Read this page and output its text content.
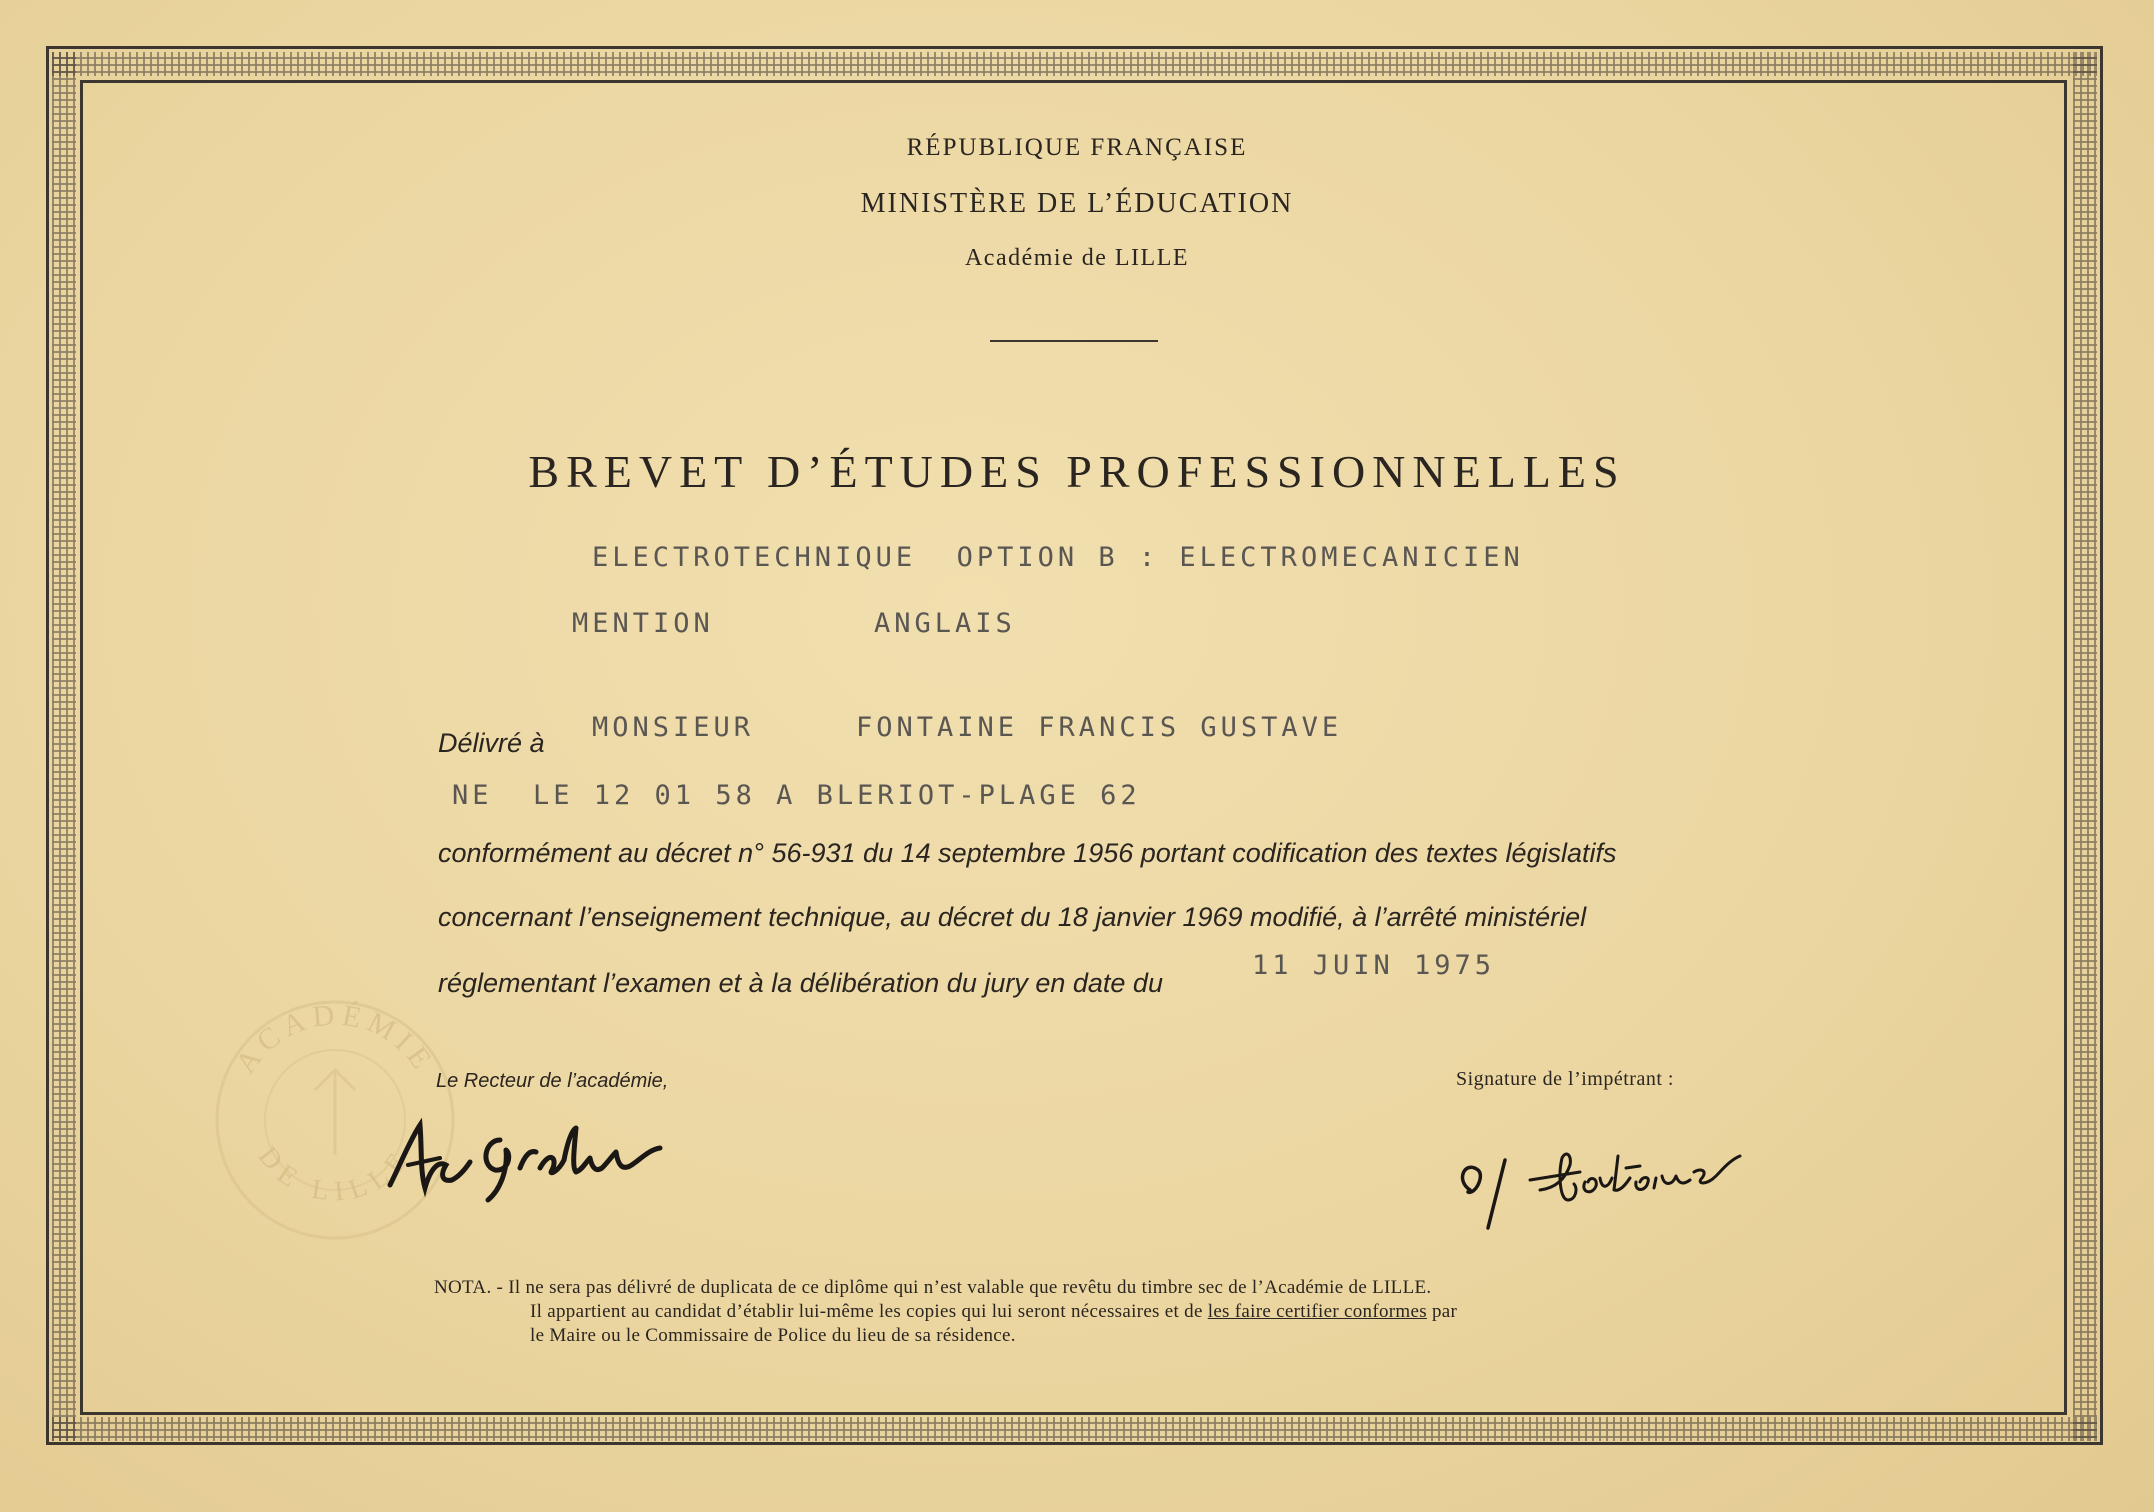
RÉPUBLIQUE FRANÇAISE
MINISTÈRE DE L’ÉDUCATION
Académie de LILLE
BREVET D’ÉTUDES PROFESSIONNELLES
ELECTROTECHNIQUE  OPTION B : ELECTROMECANICIEN
MENTION	ANGLAIS
Délivré à MONSIEUR	FONTAINE FRANCIS GUSTAVE
NE  LE 12 01 58 A BLERIOT-PLAGE 62
conformément au décret n° 56-931 du 14 septembre 1956 portant codification des textes législatifs
concernant l’enseignement technique, au décret du 18 janvier 1969 modifié, à l’arrêté ministériel
réglementant l’examen et à la délibération du jury en date du
11 JUIN 1975
ACADÉMIE
DE LILLE
Le Recteur de l’académie,	Signature de l’impétrant :
NOTA. - Il ne sera pas délivré de duplicata de ce diplôme qui n’est valable que revêtu du timbre sec de l’Académie de LILLE.
Il appartient au candidat d’établir lui-même les copies qui lui seront nécessaires et de les faire certifier conformes par
le Maire ou le Commissaire de Police du lieu de sa résidence.
